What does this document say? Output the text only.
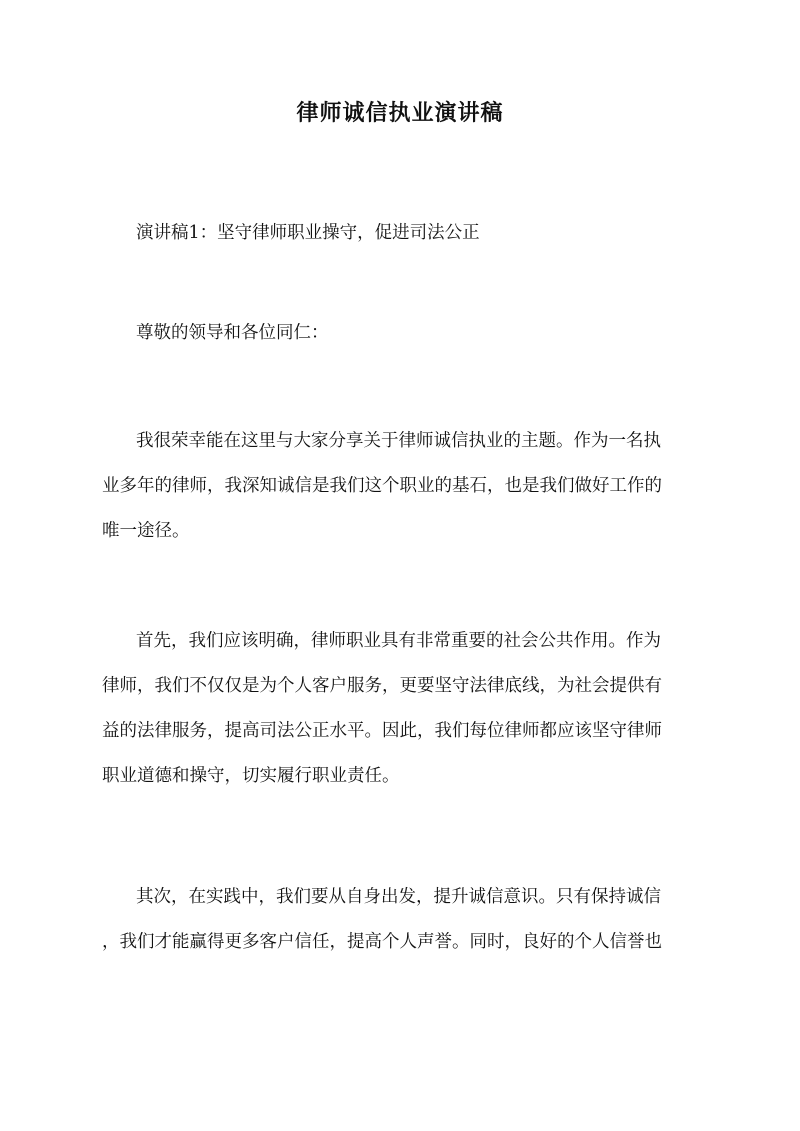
律师诚信执业演讲稿

演讲稿1：坚守律师职业操守，促进司法公正

尊敬的领导和各位同仁：

我很荣幸能在这里与大家分享关于律师诚信执业的主题。作为一名执
业多年的律师，我深知诚信是我们这个职业的基石，也是我们做好工作的
唯一途径。
首先，我们应该明确，律师职业具有非常重要的社会公共作用。作为
律师，我们不仅仅是为个人客户服务，更要坚守法律底线，为社会提供有
益的法律服务，提高司法公正水平。因此，我们每位律师都应该坚守律师
职业道德和操守，切实履行职业责任。
其次，在实践中，我们要从自身出发，提升诚信意识。只有保持诚信
，我们才能赢得更多客户信任，提高个人声誉。同时，良好的个人信誉也
